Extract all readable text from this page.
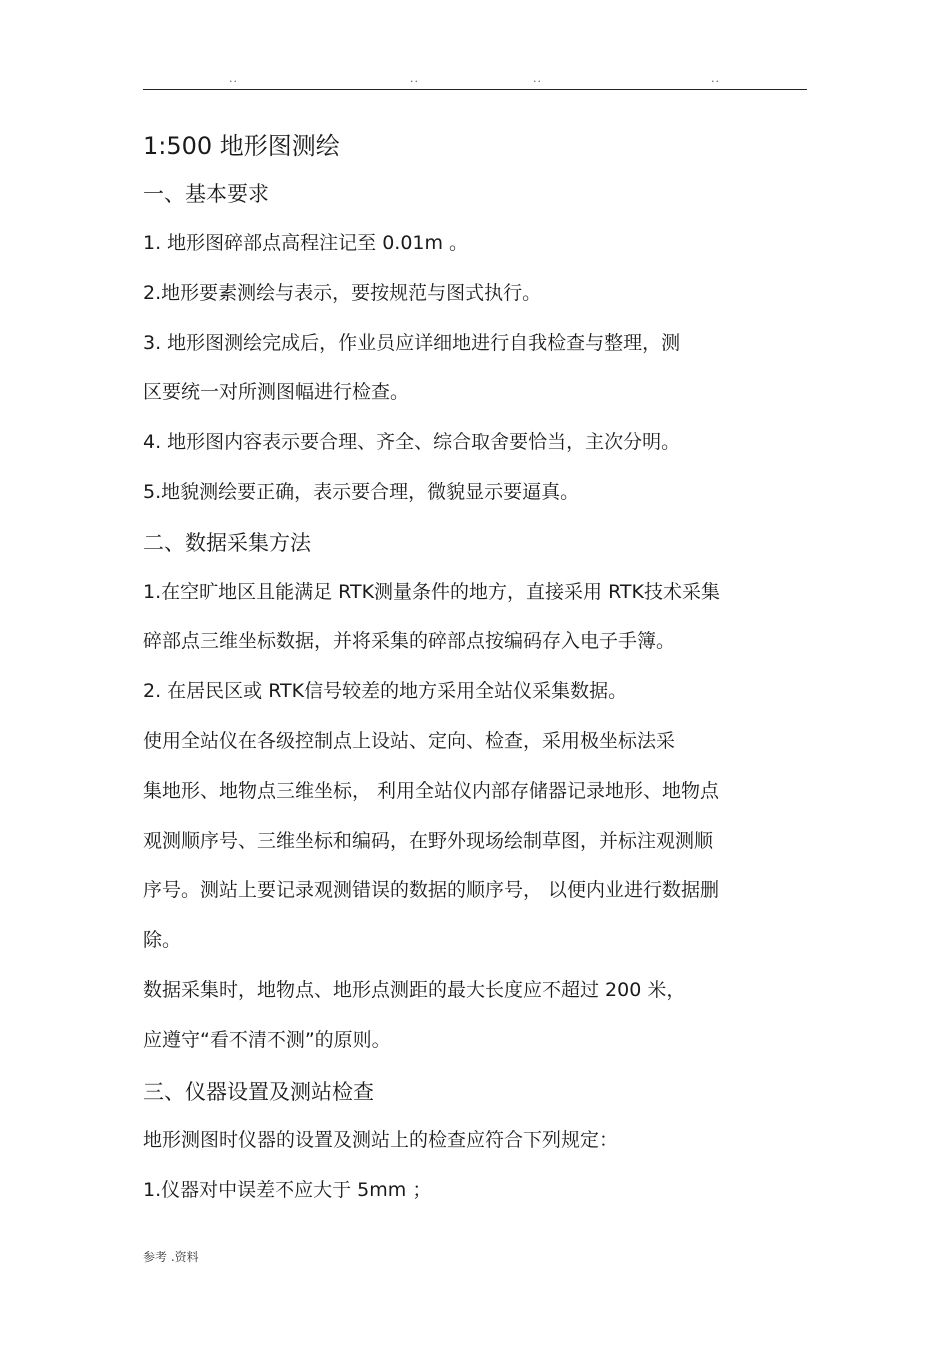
..	..	..	..
1:500 地形图测绘
一、基本要求
1. 地形图碎部点高程注记至 0.01m 。
2.地形要素测绘与表示，要按规范与图式执行。
3. 地形图测绘完成后，作业员应详细地进行自我检查与整理，测
区要统一对所测图幅进行检查。
4. 地形图内容表示要合理、齐全、综合取舍要恰当，主次分明。
5.地貌测绘要正确，表示要合理，微貌显示要逼真。
二、数据采集方法
1.在空旷地区且能满足 RTK测量条件的地方，直接采用 RTK技术采集
碎部点三维坐标数据，并将采集的碎部点按编码存入电子手簿。
2. 在居民区或 RTK信号较差的地方采用全站仪采集数据。
使用全站仪在各级控制点上设站、定向、检查，采用极坐标法采
集地形、地物点三维坐标， 利用全站仪内部存储器记录地形、地物点
观测顺序号、三维坐标和编码，在野外现场绘制草图，并标注观测顺
序号。测站上要记录观测错误的数据的顺序号， 以便内业进行数据删
除。
数据采集时，地物点、地形点测距的最大长度应不超过 200 米，
应遵守“看不清不测”的原则。
三、仪器设置及测站检查
地形测图时仪器的设置及测站上的检查应符合下列规定：
1.仪器对中误差不应大于 5mm ；
参考 .资料
